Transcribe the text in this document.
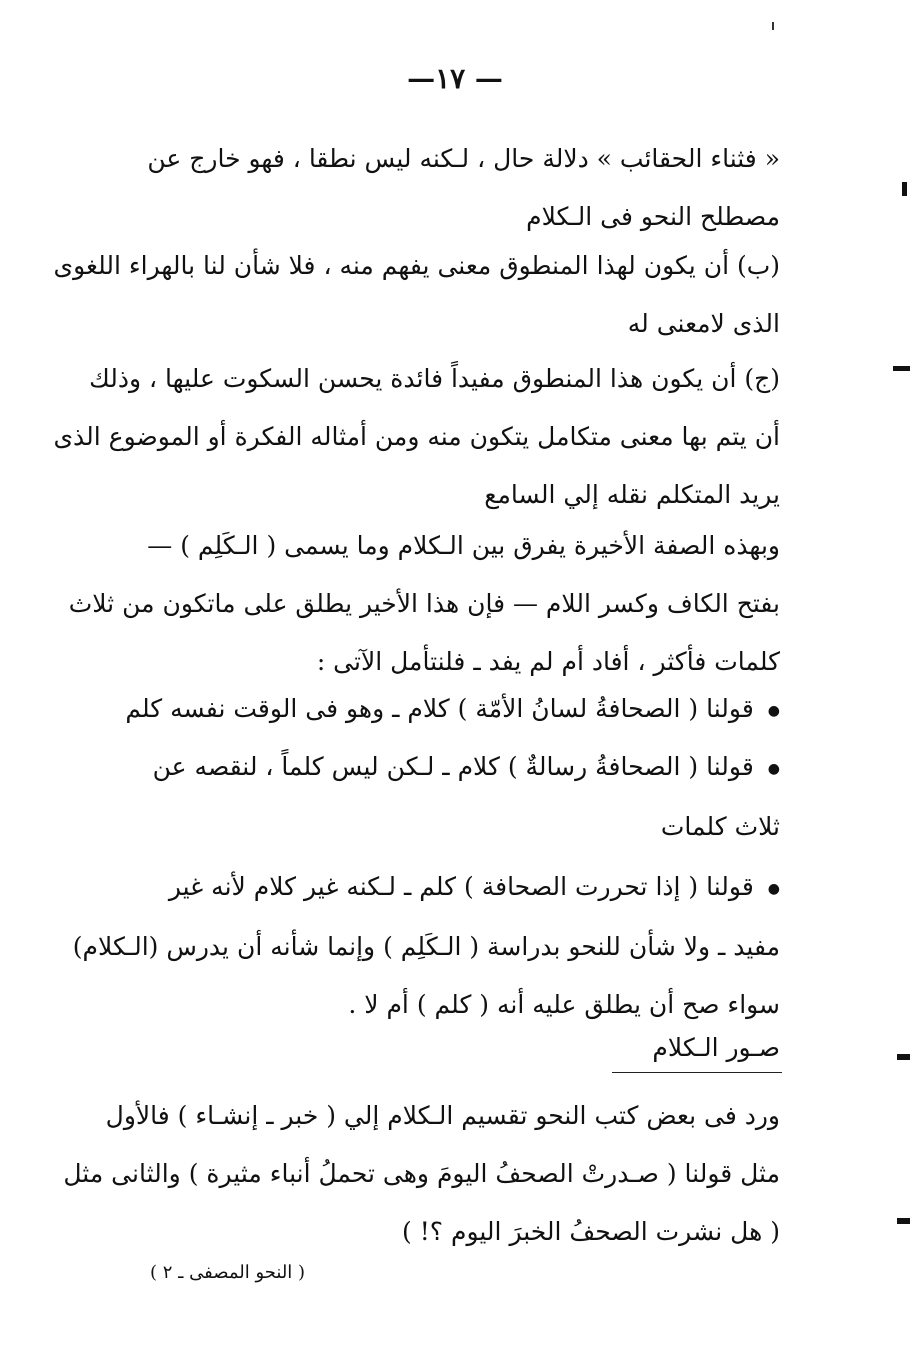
—١٧ —
« فثناء الحقائب » دلالة حال ، لـكنه ليس نطقا ، فهو خارج عن
مصطلح النحو فى الـكلام
(ب) أن يكون لهذا المنطوق معنى يفهم منه ، فلا شأن لنا بالهراء اللغوى
الذى لامعنى له
(ج) أن يكون هذا المنطوق مفيداً فائدة يحسن السكوت عليها ، وذلك
أن يتم بها معنى متكامل يتكون منه ومن أمثاله الفكرة أو الموضوع الذى
يريد المتكلم نقله إلي السامع
وبهذه الصفة الأخيرة يفرق بين الـكلام وما يسمى ( الـكَلِم ) —
بفتح الكاف وكسر اللام — فإن هذا الأخير يطلق على ماتكون من ثلاث
كلمات فأكثر ، أفاد أم لم يفد ـ فلنتأمل الآتى :
● قولنا ( الصحافةُ لسانُ الأمّة ) كلام ـ وهو فى الوقت نفسه كلم
● قولنا ( الصحافةُ رسالةٌ ) كلام ـ لـكن ليس كلماً ، لنقصه عن
ثلاث كلمات
● قولنا ( إذا تحررت الصحافة ) كلم ـ لـكنه غير كلام لأنه غير
مفيد ـ ولا شأن للنحو بدراسة ( الـكَلِم ) وإنما شأنه أن يدرس (الـكلام)
سواء صح أن يطلق عليه أنه ( كلم ) أم لا .
صـور الـكلام
ورد فى بعض كتب النحو تقسيم الـكلام إلي ( خبر ـ إنشـاء ) فالأول
مثل قولنا ( صـدرتْ الصحفُ اليومَ وهى تحملُ أنباء مثيرة ) والثانى مثل
( هل نشرت الصحفُ الخبرَ اليوم ؟! )
( النحو المصفى ـ ٢ )
